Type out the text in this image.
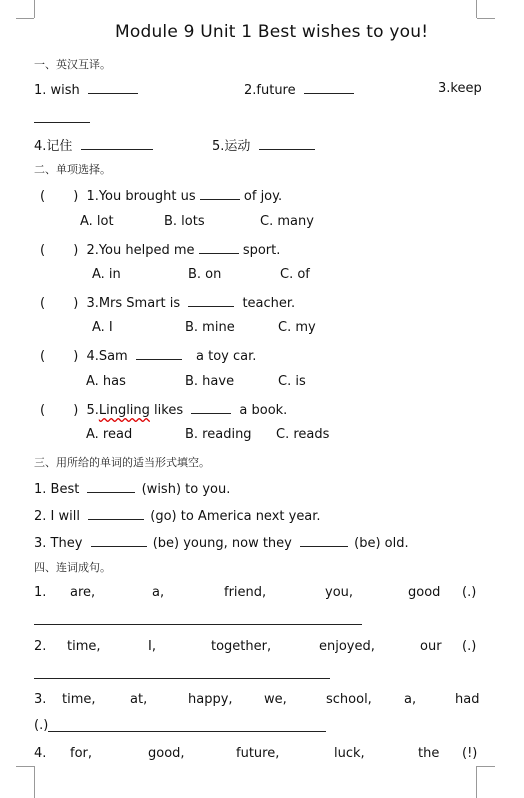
Module 9 Unit 1 Best wishes to you!
一、英汉互译。
1. wish	2.future	3.keep
4.记住	5.运动
二、单项选择。
( ) 1.You brought us	of joy.
A. lot	B. lots	C. many
( ) 2.You helped me	sport.
A. in	B. on	C. of
( ) 3.Mrs Smart is	teacher.
A. I	B. mine	C. my
( ) 4.Sam	a toy car.
A. has	B. have	C. is
( ) 5.Lingling likes	a book.
A. read	B. reading C. reads
三、用所给的单词的适当形式填空。
1. Best	(wish) to you.
2. I will	(go) to America next year.
3. They	(be) young, now they	(be) old.
四、连词成句。
1. are,	a,	friend,	you,	good (.)
2. time,	I,	together,	enjoyed,	our (.)
3. time,	at,	happy, we,	school, a,	had
(.)
4. for,	good,	future,	luck,	the (!)
